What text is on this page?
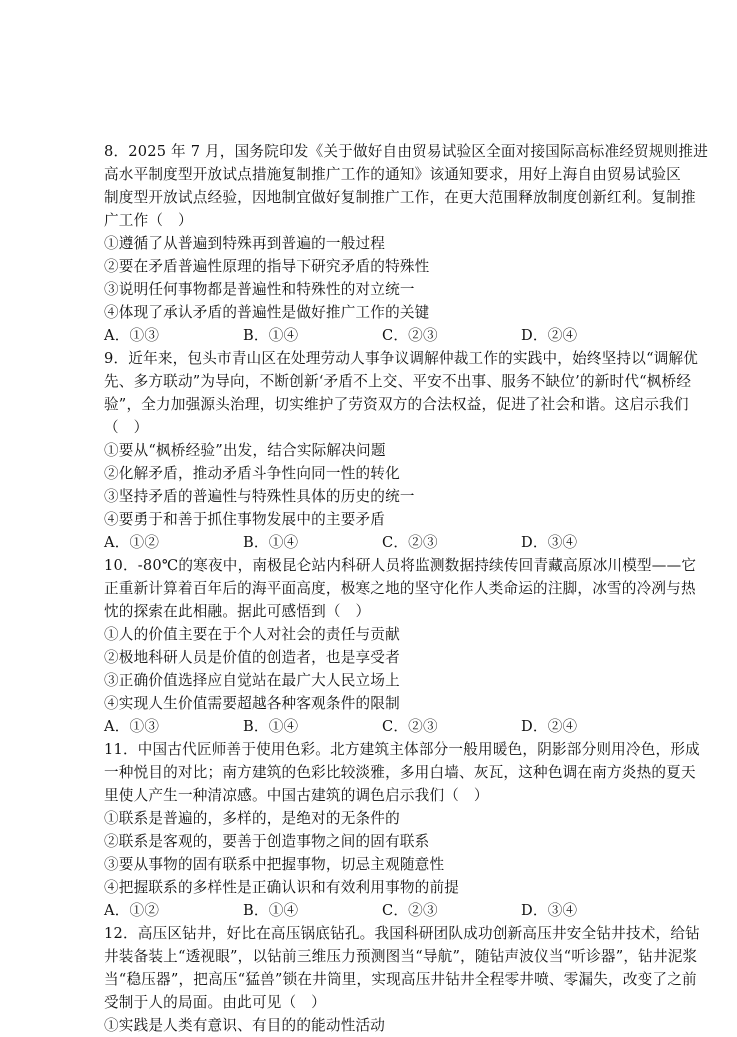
8．2025 年 7 月，国务院印发《关于做好自由贸易试验区全面对接国际高标准经贸规则推进
高水平制度型开放试点措施复制推广工作的通知》该通知要求，用好上海自由贸易试验区
制度型开放试点经验，因地制宜做好复制推广工作，在更大范围释放制度创新红利。复制推
广工作（　）
①遵循了从普遍到特殊再到普遍的一般过程
②要在矛盾普遍性原理的指导下研究矛盾的特殊性
③说明任何事物都是普遍性和特殊性的对立统一
④体现了承认矛盾的普遍性是做好推广工作的关键
A．①③	B．①④	C．②③	D．②④
9．近年来，包头市青山区在处理劳动人事争议调解仲裁工作的实践中，始终坚持以“调解优
先、多方联动”为导向，不断创新‘矛盾不上交、平安不出事、服务不缺位’的新时代“枫桥经
验”，全力加强源头治理，切实维护了劳资双方的合法权益，促进了社会和谐。这启示我们
（　）
①要从“枫桥经验”出发，结合实际解决问题
②化解矛盾，推动矛盾斗争性向同一性的转化
③坚持矛盾的普遍性与特殊性具体的历史的统一
④要勇于和善于抓住事物发展中的主要矛盾
A．①②	B．①④	C．②③	D．③④
10．-80℃的寒夜中，南极昆仑站内科研人员将监测数据持续传回青藏高原冰川模型——它
正重新计算着百年后的海平面高度，极寒之地的坚守化作人类命运的注脚，冰雪的冷冽与热
忱的探索在此相融。据此可感悟到（　）
①人的价值主要在于个人对社会的责任与贡献
②极地科研人员是价值的创造者，也是享受者
③正确价值选择应自觉站在最广大人民立场上
④实现人生价值需要超越各种客观条件的限制
A．①③	B．①④	C．②③	D．②④
11．中国古代匠师善于使用色彩。北方建筑主体部分一般用暖色，阴影部分则用冷色，形成
一种悦目的对比；南方建筑的色彩比较淡雅，多用白墙、灰瓦，这种色调在南方炎热的夏天
里使人产生一种清凉感。中国古建筑的调色启示我们（　）
①联系是普遍的，多样的，是绝对的无条件的
②联系是客观的，要善于创造事物之间的固有联系
③要从事物的固有联系中把握事物，切忌主观随意性
④把握联系的多样性是正确认识和有效利用事物的前提
A．①②	B．①④	C．②③	D．③④
12．高压区钻井，好比在高压锅底钻孔。我国科研团队成功创新高压井安全钻井技术，给钻
井装备装上“透视眼”，以钻前三维压力预测图当“导航”，随钻声波仪当“听诊器”，钻井泥浆
当“稳压器”，把高压“猛兽”锁在井筒里，实现高压井钻井全程零井喷、零漏失，改变了之前
受制于人的局面。由此可见（　）
①实践是人类有意识、有目的的能动性活动
